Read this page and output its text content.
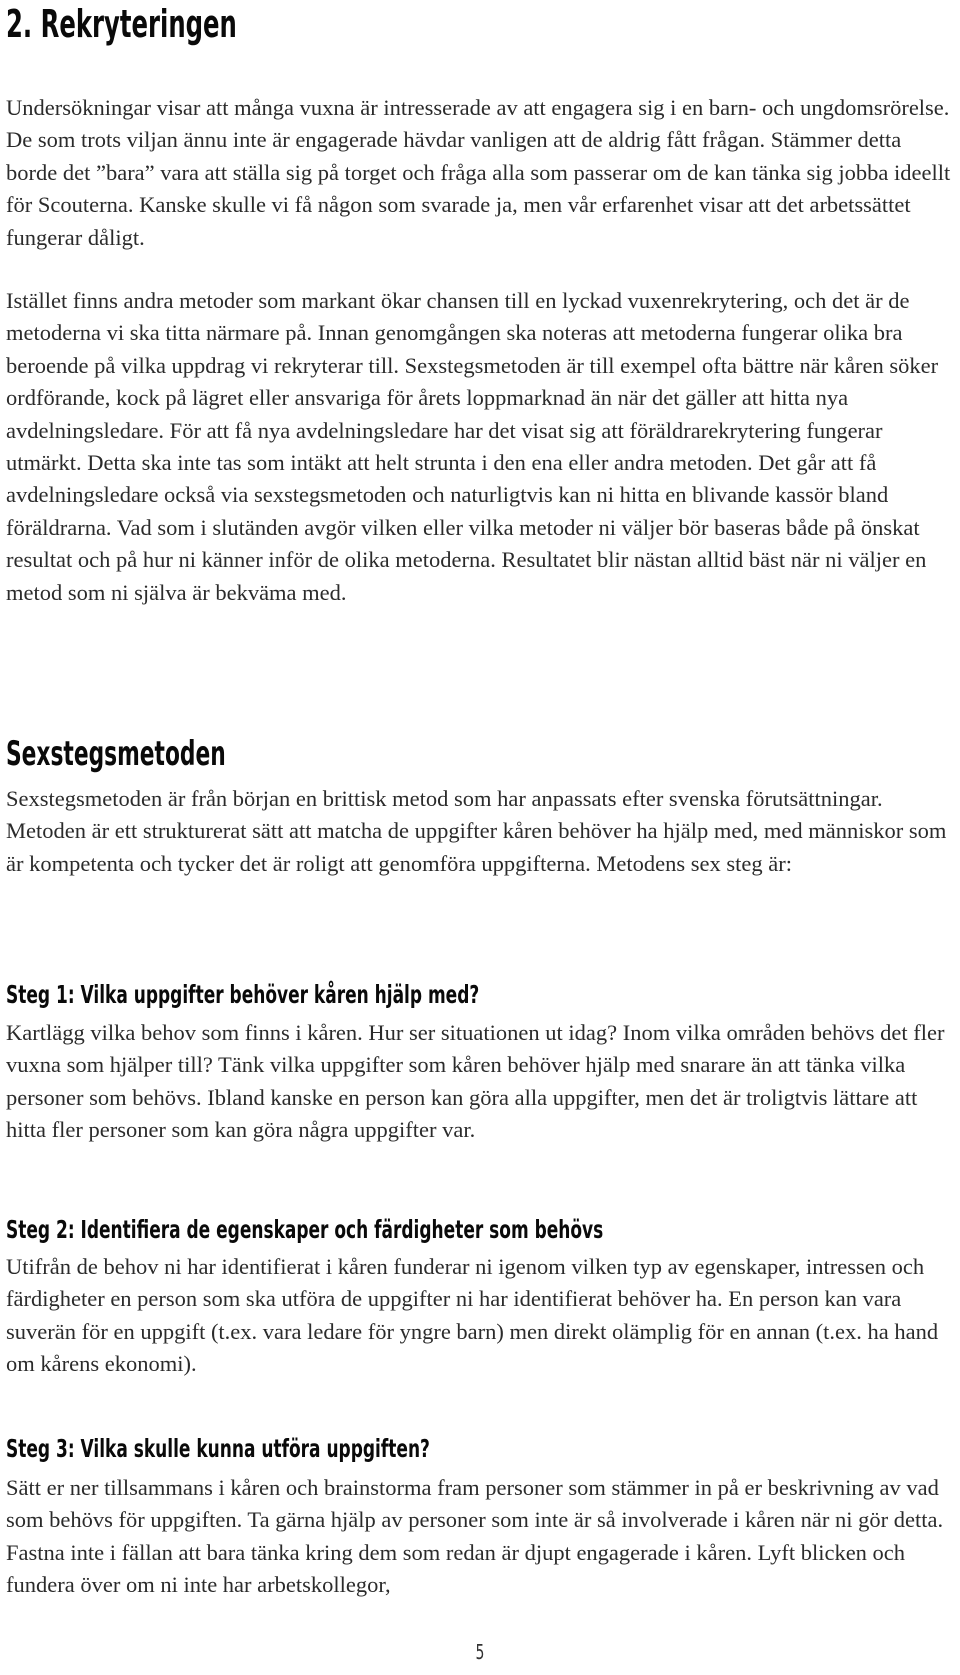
2. Rekryteringen

Undersökningar visar att många vuxna är intresserade av att engagera sig i en barn- och ungdomsrörelse. De som trots viljan ännu inte är engagerade hävdar vanligen att de aldrig fått frågan. Stämmer detta borde det ”bara” vara att ställa sig på torget och fråga alla som passerar om de kan tänka sig jobba ideellt för Scouterna. Kanske skulle vi få någon som svarade ja, men vår erfarenhet visar att det arbetssättet fungerar dåligt.

Istället finns andra metoder som markant ökar chansen till en lyckad vuxenrekrytering, och det är de metoderna vi ska titta närmare på. Innan genomgången ska noteras att metoderna fungerar olika bra beroende på vilka uppdrag vi rekryterar till. Sexstegsmetoden är till exempel ofta bättre när kåren söker ordförande, kock på lägret eller ansvariga för årets loppmarknad än när det gäller att hitta nya avdelningsledare. För att få nya avdelningsledare har det visat sig att föräldrarekrytering fungerar utmärkt. Detta ska inte tas som intäkt att helt strunta i den ena eller andra metoden. Det går att få avdelningsledare också via sexstegsmetoden och naturligtvis kan ni hitta en blivande kassör bland föräldrarna. Vad som i slutänden avgör vilken eller vilka metoder ni väljer bör baseras både på önskat resultat och på hur ni känner inför de olika metoderna. Resultatet blir nästan alltid bäst när ni väljer en metod som ni själva är bekväma med.

Sexstegsmetoden

Sexstegsmetoden är från början en brittisk metod som har anpassats efter svenska förutsättningar. Metoden är ett strukturerat sätt att matcha de uppgifter kåren behöver ha hjälp med, med människor som är kompetenta och tycker det är roligt att genomföra uppgifterna. Metodens sex steg är:

Steg 1: Vilka uppgifter behöver kåren hjälp med?

Kartlägg vilka behov som finns i kåren. Hur ser situationen ut idag? Inom vilka områden behövs det fler vuxna som hjälper till? Tänk vilka uppgifter som kåren behöver hjälp med snarare än att tänka vilka personer som behövs. Ibland kanske en person kan göra alla uppgifter, men det är troligtvis lättare att hitta fler personer som kan göra några uppgifter var.

Steg 2: Identifiera de egenskaper och färdigheter som behövs

Utifrån de behov ni har identifierat i kåren funderar ni igenom vilken typ av egenskaper, intressen och färdigheter en person som ska utföra de uppgifter ni har identifierat behöver ha. En person kan vara suverän för en uppgift (t.ex. vara ledare för yngre barn) men direkt olämplig för en annan (t.ex. ha hand om kårens ekonomi).

Steg 3: Vilka skulle kunna utföra uppgiften?

Sätt er ner tillsammans i kåren och brainstorma fram personer som stämmer in på er beskrivning av vad som behövs för uppgiften. Ta gärna hjälp av personer som inte är så involverade i kåren när ni gör detta. Fastna inte i fällan att bara tänka kring dem som redan är djupt engagerade i kåren. Lyft blicken och fundera över om ni inte har arbetskollegor,

5
